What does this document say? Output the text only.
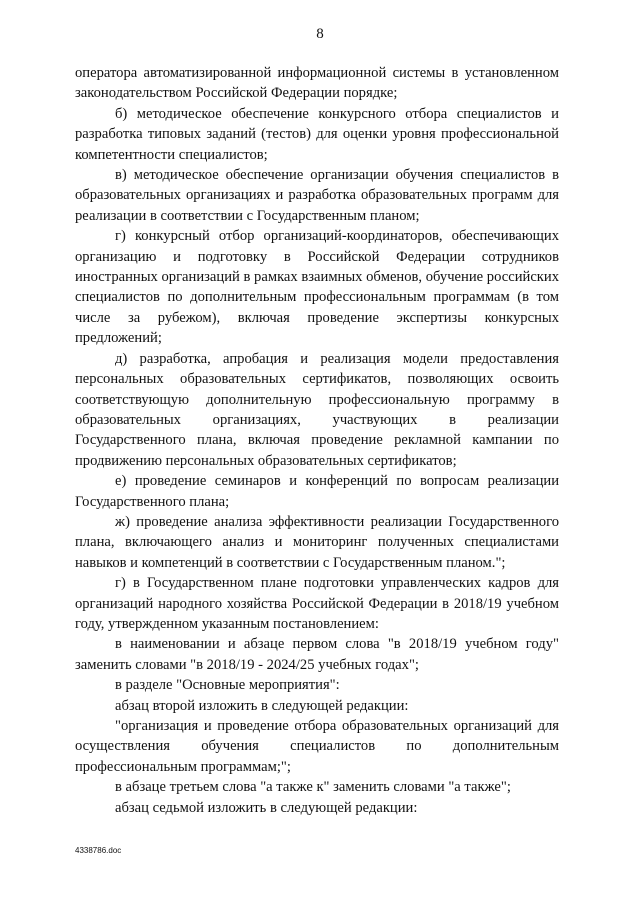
8

оператора автоматизированной информационной системы в установленном законодательством Российской Федерации порядке;

б) методическое обеспечение конкурсного отбора специалистов и разработка типовых заданий (тестов) для оценки уровня профессиональной компетентности специалистов;

в) методическое обеспечение организации обучения специалистов в образовательных организациях и разработка образовательных программ для реализации в соответствии с Государственным планом;

г) конкурсный отбор организаций-координаторов, обеспечивающих организацию и подготовку в Российской Федерации сотрудников иностранных организаций в рамках взаимных обменов, обучение российских специалистов по дополнительным профессиональным программам (в том числе за рубежом), включая проведение экспертизы конкурсных предложений;

д) разработка, апробация и реализация модели предоставления персональных образовательных сертификатов, позволяющих освоить соответствующую дополнительную профессиональную программу в образовательных организациях, участвующих в реализации Государственного плана, включая проведение рекламной кампании по продвижению персональных образовательных сертификатов;

е) проведение семинаров и конференций по вопросам реализации Государственного плана;

ж) проведение анализа эффективности реализации Государственного плана, включающего анализ и мониторинг полученных специалистами навыков и компетенций в соответствии с Государственным планом.";

г) в Государственном плане подготовки управленческих кадров для организаций народного хозяйства Российской Федерации в 2018/19 учебном году, утвержденном указанным постановлением:

в наименовании и абзаце первом слова "в 2018/19 учебном году" заменить словами "в 2018/19 - 2024/25 учебных годах";

в разделе "Основные мероприятия":

абзац второй изложить в следующей редакции:

"организация и проведение отбора образовательных организаций для осуществления обучения специалистов по дополнительным профессиональным программам;";

в абзаце третьем слова "а также к" заменить словами "а также";

абзац седьмой изложить в следующей редакции:

4338786.doc
